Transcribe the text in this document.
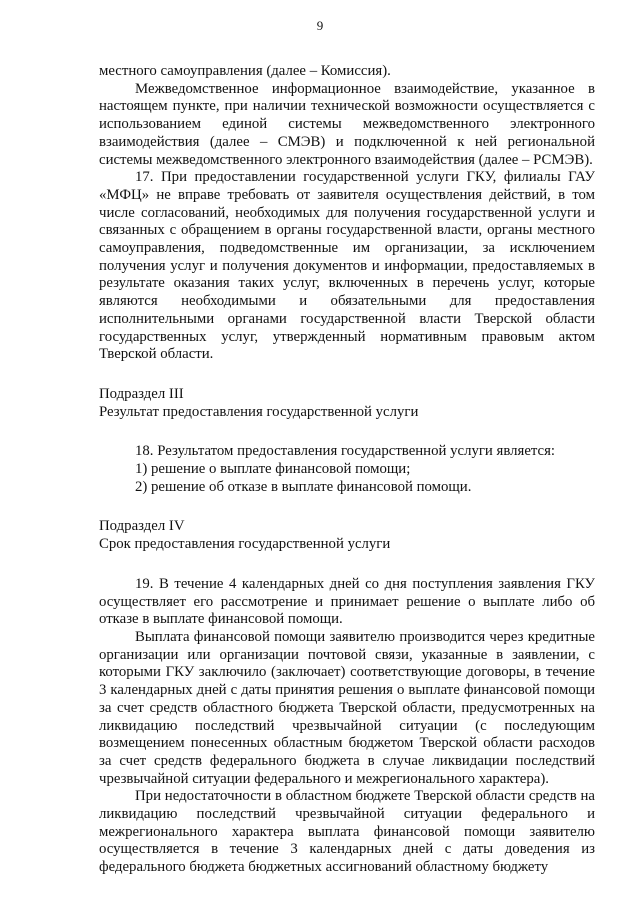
9

местного самоуправления (далее – Комиссия).

Межведомственное информационное взаимодействие, указанное в настоящем пункте, при наличии технической возможности осуществляется с использованием единой системы межведомственного электронного взаимодействия (далее – СМЭВ) и подключенной к ней региональной системы межведомственного электронного взаимодействия (далее – РСМЭВ).

17. При предоставлении государственной услуги ГКУ, филиалы ГАУ «МФЦ» не вправе требовать от заявителя осуществления действий, в том числе согласований, необходимых для получения государственной услуги и связанных с обращением в органы государственной власти, органы местного самоуправления, подведомственные им организации, за исключением получения услуг и получения документов и информации, предоставляемых в результате оказания таких услуг, включенных в перечень услуг, которые являются необходимыми и обязательными для предоставления исполнительными органами государственной власти Тверской области государственных услуг, утвержденный нормативным правовым актом Тверской области.

Подраздел III

Результат предоставления государственной услуги

18. Результатом предоставления государственной услуги является:

1) решение о выплате финансовой помощи;

2) решение об отказе в выплате финансовой помощи.

Подраздел IV

Срок предоставления государственной услуги

19. В течение 4 календарных дней со дня поступления заявления ГКУ осуществляет его рассмотрение и принимает решение о выплате либо об отказе в выплате финансовой помощи.

Выплата финансовой помощи заявителю производится через кредитные организации или организации почтовой связи, указанные в заявлении, с которыми ГКУ заключило (заключает) соответствующие договоры, в течение 3 календарных дней с даты принятия решения о выплате финансовой помощи за счет средств областного бюджета Тверской области, предусмотренных на ликвидацию последствий чрезвычайной ситуации (с последующим возмещением понесенных областным бюджетом Тверской области расходов за счет средств федерального бюджета в случае ликвидации последствий чрезвычайной ситуации федерального и межрегионального характера).

При недостаточности в областном бюджете Тверской области средств на ликвидацию последствий чрезвычайной ситуации федерального и межрегионального характера выплата финансовой помощи заявителю осуществляется в течение 3 календарных дней с даты доведения из федерального бюджета бюджетных ассигнований областному бюджету
